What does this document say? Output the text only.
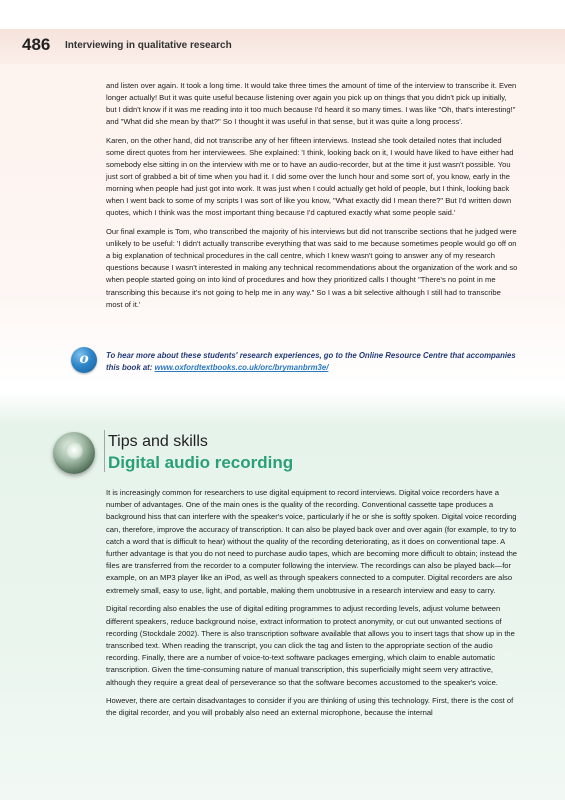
486 Interviewing in qualitative research

and listen over again. It took a long time. It would take three times the amount of time of the interview to transcribe it. Even longer actually! But it was quite useful because listening over again you pick up on things that you didn't pick up initially, but I didn't know if it was me reading into it too much because I'd heard it so many times. I was like "Oh, that's interesting!" and "What did she mean by that?" So I thought it was useful in that sense, but it was quite a long process'.

Karen, on the other hand, did not transcribe any of her fifteen interviews. Instead she took detailed notes that included some direct quotes from her interviewees. She explained: 'I think, looking back on it, I would have liked to have either had somebody else sitting in on the interview with me or to have an audio-recorder, but at the time it just wasn't possible. You just sort of grabbed a bit of time when you had it. I did some over the lunch hour and some sort of, you know, early in the morning when people had just got into work. It was just when I could actually get hold of people, but I think, looking back when I went back to some of my scripts I was sort of like you know, "What exactly did I mean there?" But I'd written down quotes, which I think was the most important thing because I'd captured exactly what some people said.'

Our final example is Tom, who transcribed the majority of his interviews but did not transcribe sections that he judged were unlikely to be useful: 'I didn't actually transcribe everything that was said to me because sometimes people would go off on a big explanation of technical procedures in the call centre, which I knew wasn't going to answer any of my research questions because I wasn't interested in making any technical recommendations about the organization of the work and so when people started going on into kind of procedures and how they prioritized calls I thought "There's no point in me transcribing this because it's not going to help me in any way." So I was a bit selective although I still had to transcribe most of it.'

o	To hear more about these students' research experiences, go to the Online Resource Centre that accompanies this book at: www.oxfordtextbooks.co.uk/orc/brymanbrm3e/
Tips and skills
Digital audio recording

It is increasingly common for researchers to use digital equipment to record interviews. Digital voice recorders have a number of advantages. One of the main ones is the quality of the recording. Conventional cassette tape produces a background hiss that can interfere with the speaker's voice, particularly if he or she is softly spoken. Digital voice recording can, therefore, improve the accuracy of transcription. It can also be played back over and over again (for example, to try to catch a word that is difficult to hear) without the quality of the recording deteriorating, as it does on conventional tape. A further advantage is that you do not need to purchase audio tapes, which are becoming more difficult to obtain; instead the files are transferred from the recorder to a computer following the interview. The recordings can also be played back—for example, on an MP3 player like an iPod, as well as through speakers connected to a computer. Digital recorders are also extremely small, easy to use, light, and portable, making them unobtrusive in a research interview and easy to carry.

Digital recording also enables the use of digital editing programmes to adjust recording levels, adjust volume between different speakers, reduce background noise, extract information to protect anonymity, or cut out unwanted sections of recording (Stockdale 2002). There is also transcription software available that allows you to insert tags that show up in the transcribed text. When reading the transcript, you can click the tag and listen to the appropriate section of the audio recording. Finally, there are a number of voice-to-text software packages emerging, which claim to enable automatic transcription. Given the time-consuming nature of manual transcription, this superficially might seem very attractive, although they require a great deal of perseverance so that the software becomes accustomed to the speaker's voice.

However, there are certain disadvantages to consider if you are thinking of using this technology. First, there is the cost of the digital recorder, and you will probably also need an external microphone, because the internal
